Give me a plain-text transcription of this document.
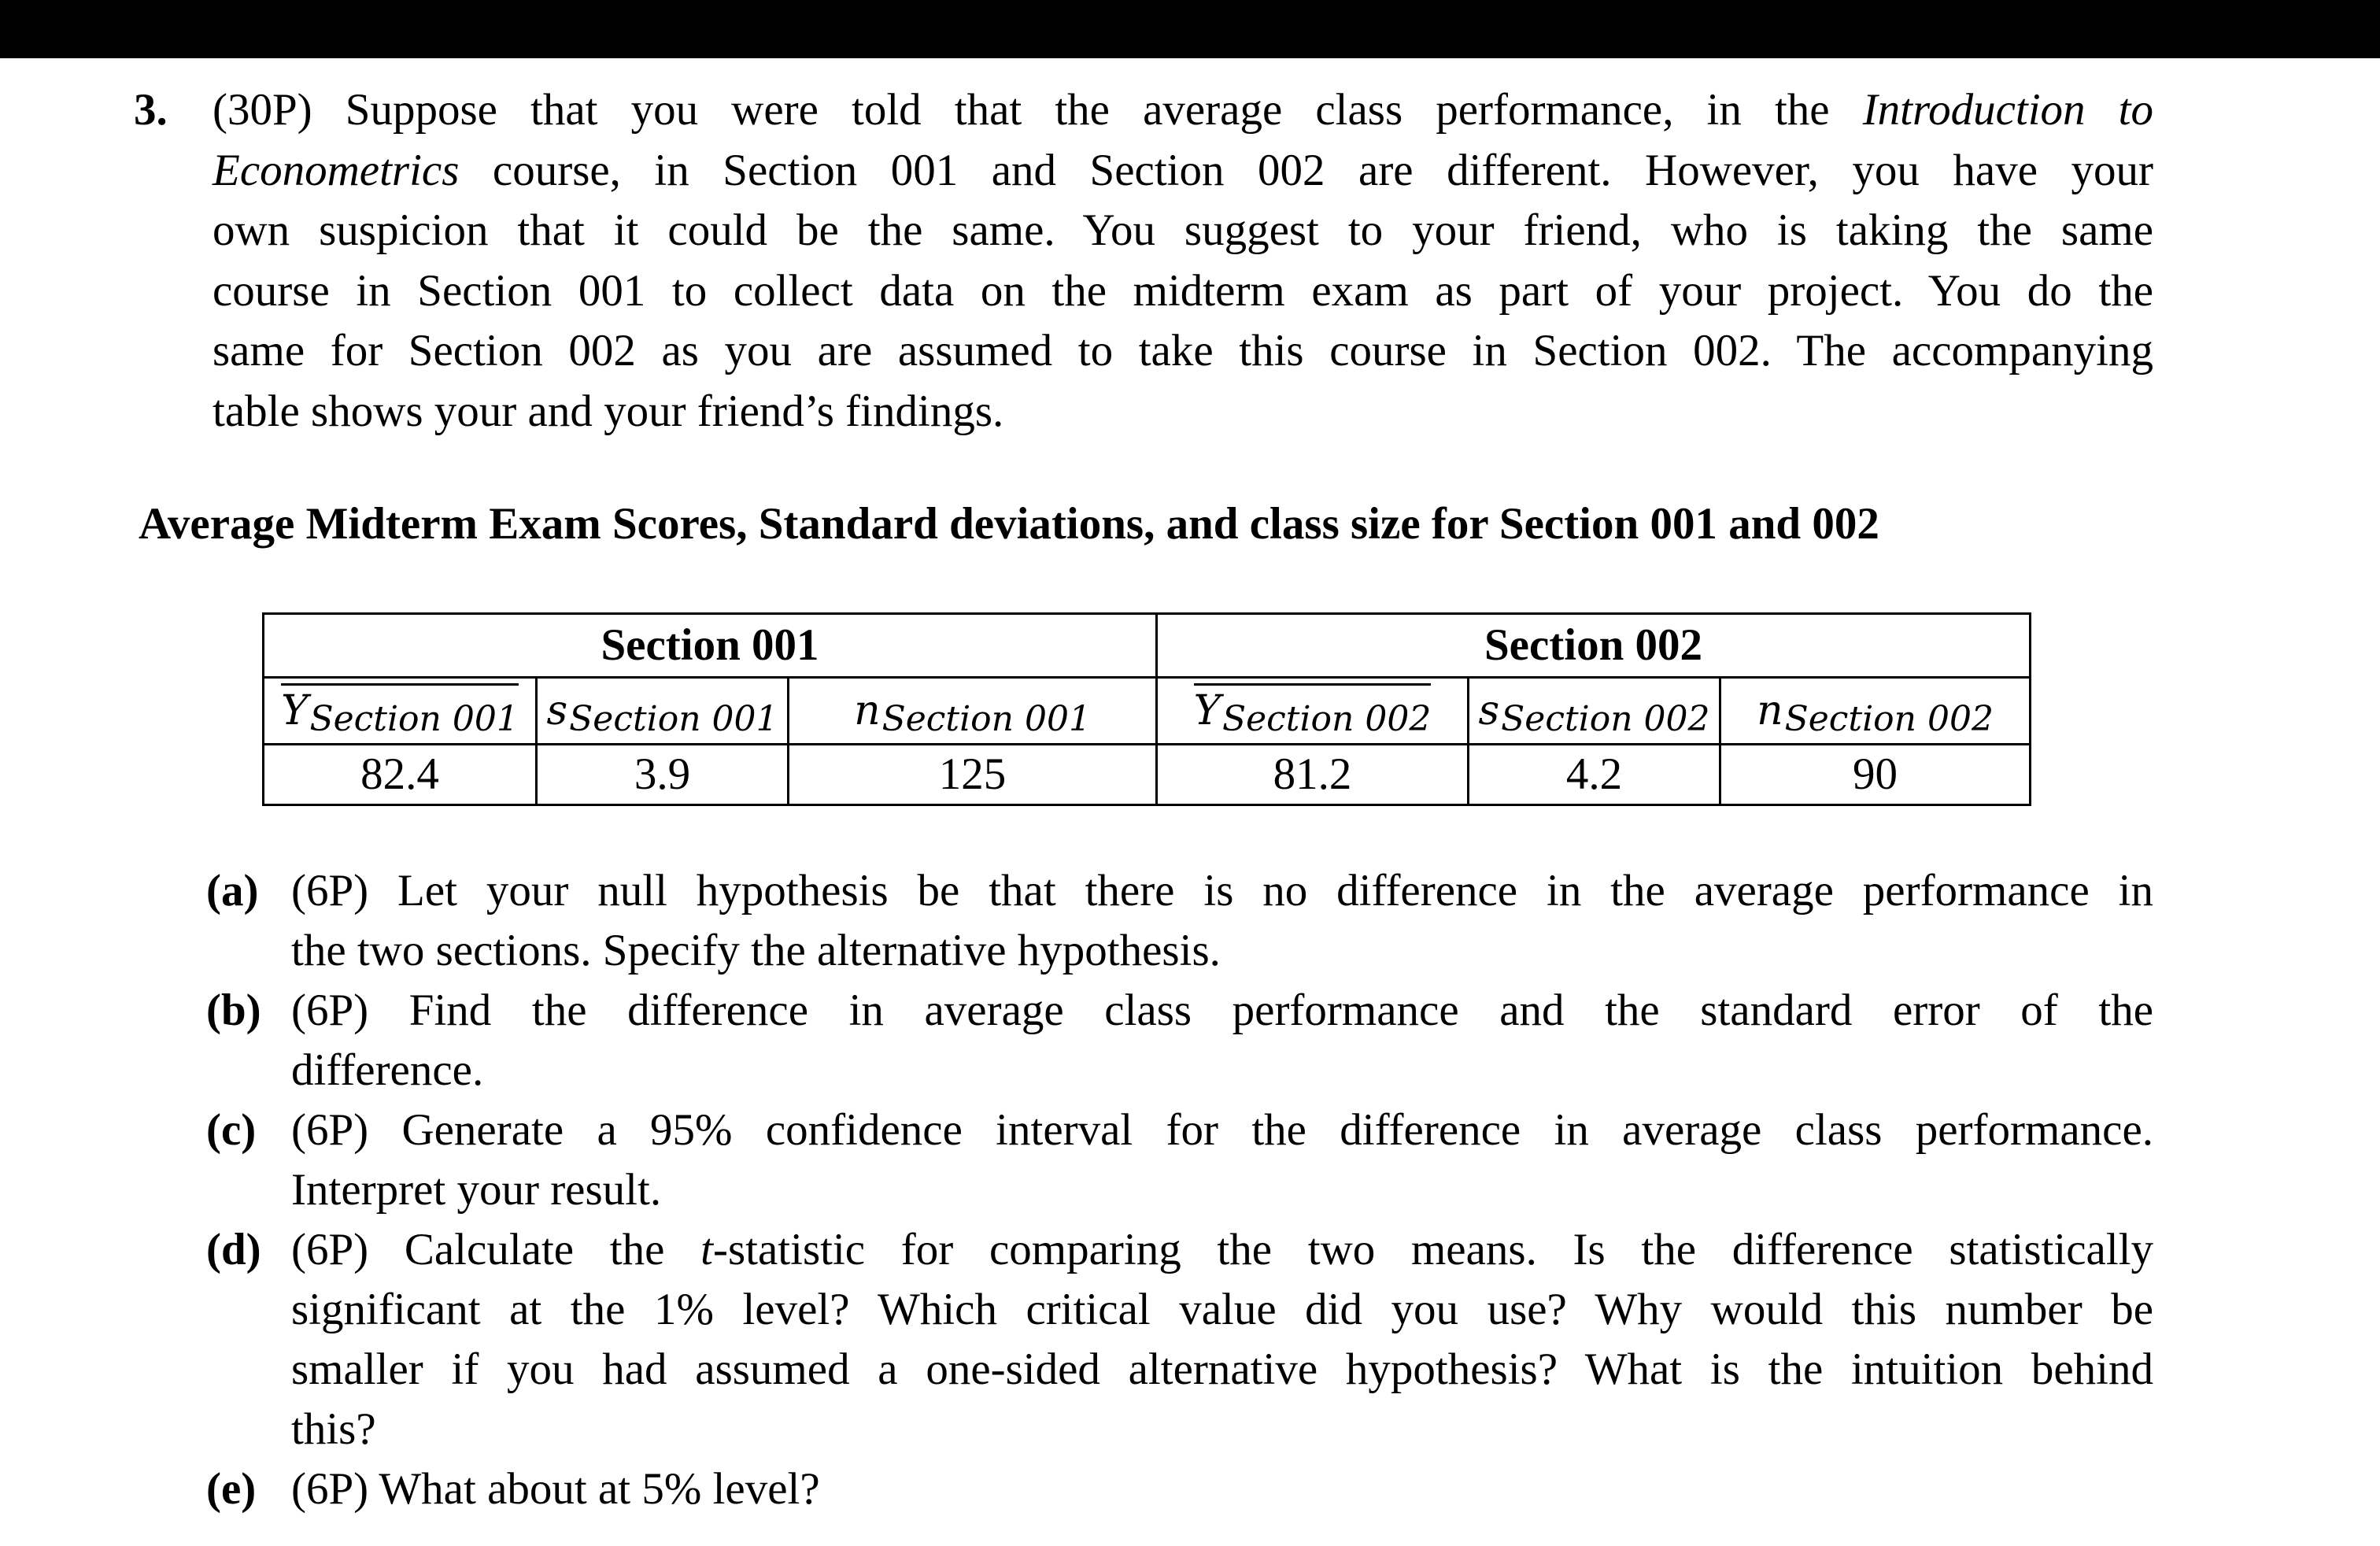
3. (30P) Suppose that you were told that the average class performance, in the Introduction to
Econometrics course, in Section 001 and Section 002 are different. However, you have your
own suspicion that it could be the same. You suggest to your friend, who is taking the same
course in Section 001 to collect data on the midterm exam as part of your project. You do the
same for Section 002 as you are assumed to take this course in Section 002. The accompanying
table shows your and your friend’s findings.
Average Midterm Exam Scores, Standard deviations, and class size for Section 001 and 002
Section 001			Section 002		
$Y_{Section 001}$	$s_{Section 001}$	$n_{Section 001}$	$Y_{Section 002}$	$s_{Section 002}$	$n_{Section 002}$
82.4	3.9	125	81.2	4.2	90
(a) (6P) Let your null hypothesis be that there is no difference in the average performance in
the two sections. Specify the alternative hypothesis.
(b) (6P) Find the difference in average class performance and the standard error of the
difference.
(c) (6P) Generate a 95% confidence interval for the difference in average class performance.
Interpret your result.
(d) (6P) Calculate the t-statistic for comparing the two means. Is the difference statistically
significant at the 1% level? Which critical value did you use? Why would this number be
smaller if you had assumed a one-sided alternative hypothesis? What is the intuition behind
this?
(e) (6P) What about at 5% level?
